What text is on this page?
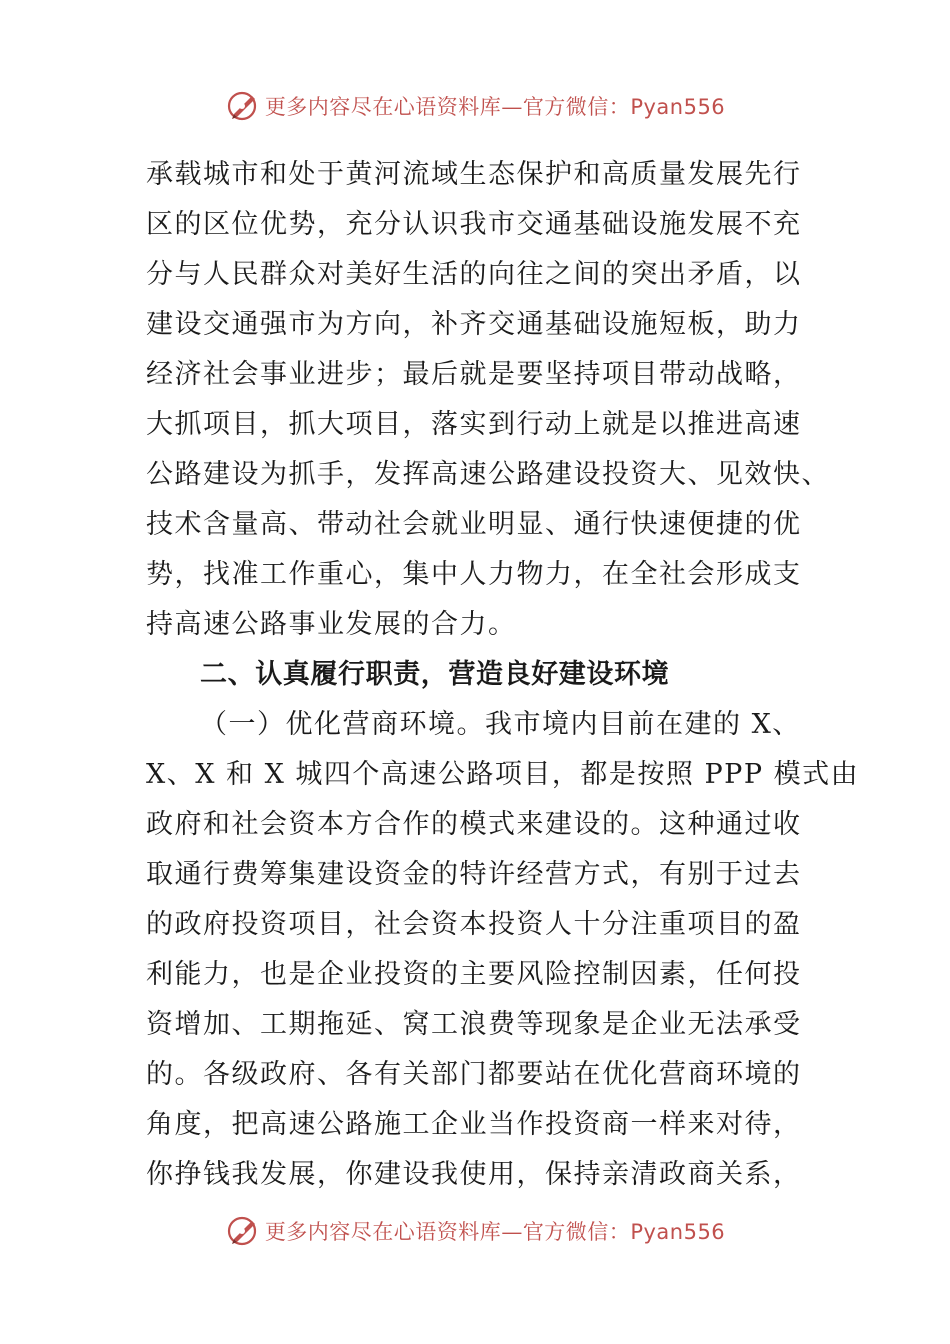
更多内容尽在心语资料库—官方微信：Pyan556
承载城市和处于黄河流域生态保护和高质量发展先行
区的区位优势，充分认识我市交通基础设施发展不充
分与人民群众对美好生活的向往之间的突出矛盾，以
建设交通强市为方向，补齐交通基础设施短板，助力
经济社会事业进步；最后就是要坚持项目带动战略，
大抓项目，抓大项目，落实到行动上就是以推进高速
公路建设为抓手，发挥高速公路建设投资大、见效快、
技术含量高、带动社会就业明显、通行快速便捷的优
势，找准工作重心，集中人力物力，在全社会形成支
持高速公路事业发展的合力。
二、认真履行职责，营造良好建设环境
（一）优化营商环境。我市境内目前在建的 X、
X、X 和 X 城四个高速公路项目，都是按照 PPP 模式由
政府和社会资本方合作的模式来建设的。这种通过收
取通行费筹集建设资金的特许经营方式，有别于过去
的政府投资项目，社会资本投资人十分注重项目的盈
利能力，也是企业投资的主要风险控制因素，任何投
资增加、工期拖延、窝工浪费等现象是企业无法承受
的。各级政府、各有关部门都要站在优化营商环境的
角度，把高速公路施工企业当作投资商一样来对待，
你挣钱我发展，你建设我使用，保持亲清政商关系，
更多内容尽在心语资料库—官方微信：Pyan556
